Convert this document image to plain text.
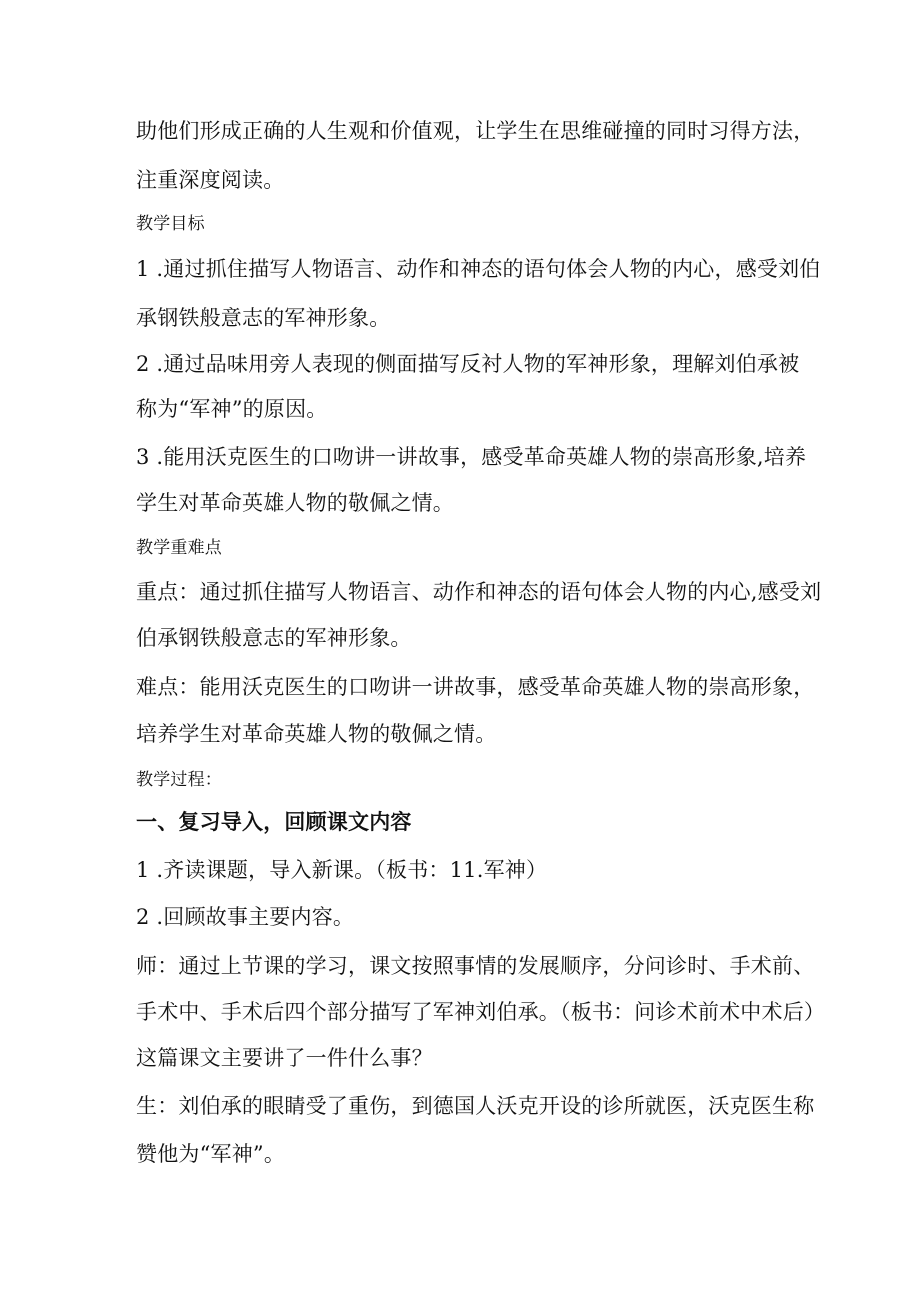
助他们形成正确的人生观和价值观，让学生在思维碰撞的同时习得方法，
注重深度阅读。
教学目标
1 .通过抓住描写人物语言、动作和神态的语句体会人物的内心，感受刘伯
承钢铁般意志的军神形象。
2 .通过品味用旁人表现的侧面描写反衬人物的军神形象，理解刘伯承被
称为“军神”的原因。
3 .能用沃克医生的口吻讲一讲故事，感受革命英雄人物的崇高形象,培养
学生对革命英雄人物的敬佩之情。
教学重难点
重点：通过抓住描写人物语言、动作和神态的语句体会人物的内心,感受刘
伯承钢铁般意志的军神形象。
难点：能用沃克医生的口吻讲一讲故事，感受革命英雄人物的崇高形象，
培养学生对革命英雄人物的敬佩之情。
教学过程：
一、复习导入，回顾课文内容
1 .齐读课题，导入新课。（板书：11.军神）
2 .回顾故事主要内容。
师：通过上节课的学习，课文按照事情的发展顺序，分问诊时、手术前、
手术中、手术后四个部分描写了军神刘伯承。（板书：问诊术前术中术后）
这篇课文主要讲了一件什么事？
生：刘伯承的眼睛受了重伤，到德国人沃克开设的诊所就医，沃克医生称
赞他为“军神”。
